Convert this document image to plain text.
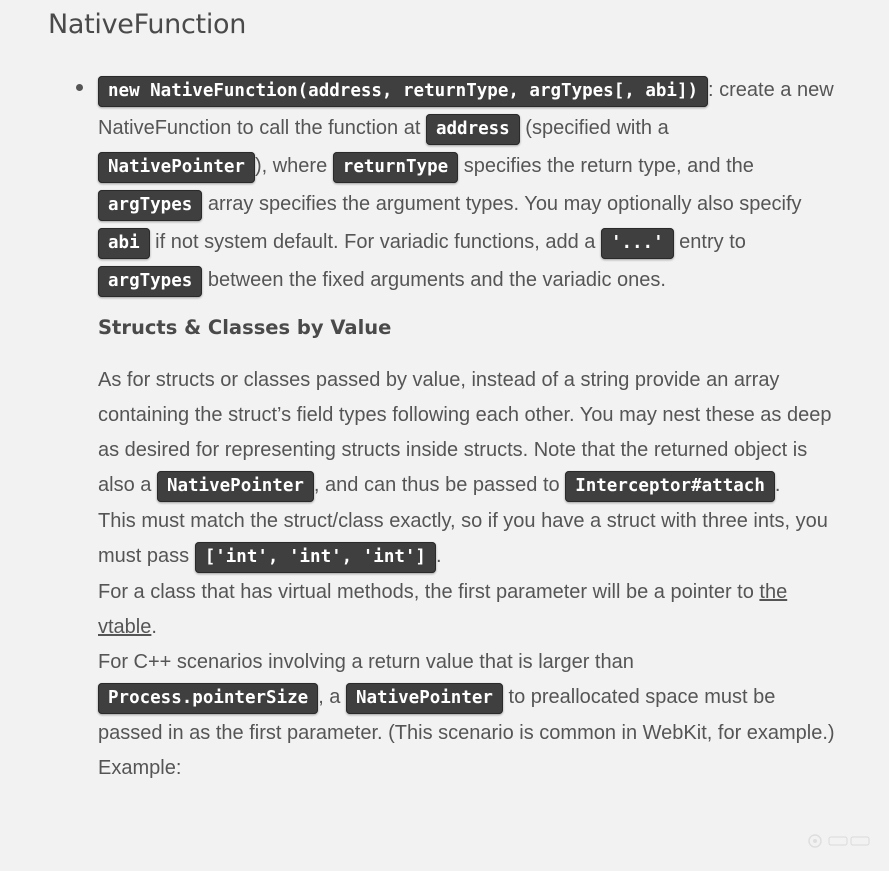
NativeFunction

new NativeFunction(address, returnType, argTypes[, abi]) : create a new NativeFunction to call the function at address (specified with a NativePointer ), where returnType specifies the return type, and the argTypes array specifies the argument types. You may optionally also specify abi if not system default. For variadic functions, add a '...' entry to argTypes between the fixed arguments and the variadic ones.

Structs & Classes by Value

As for structs or classes passed by value, instead of a string provide an array containing the struct’s field types following each other. You may nest these as deep as desired for representing structs inside structs. Note that the returned object is also a NativePointer , and can thus be passed to Interceptor#attach .
This must match the struct/class exactly, so if you have a struct with three ints, you must pass ['int', 'int', 'int'] .
For a class that has virtual methods, the first parameter will be a pointer to the vtable.
For C++ scenarios involving a return value that is larger than Process.pointerSize , a NativePointer to preallocated space must be passed in as the first parameter. (This scenario is common in WebKit, for example.)
Example:
